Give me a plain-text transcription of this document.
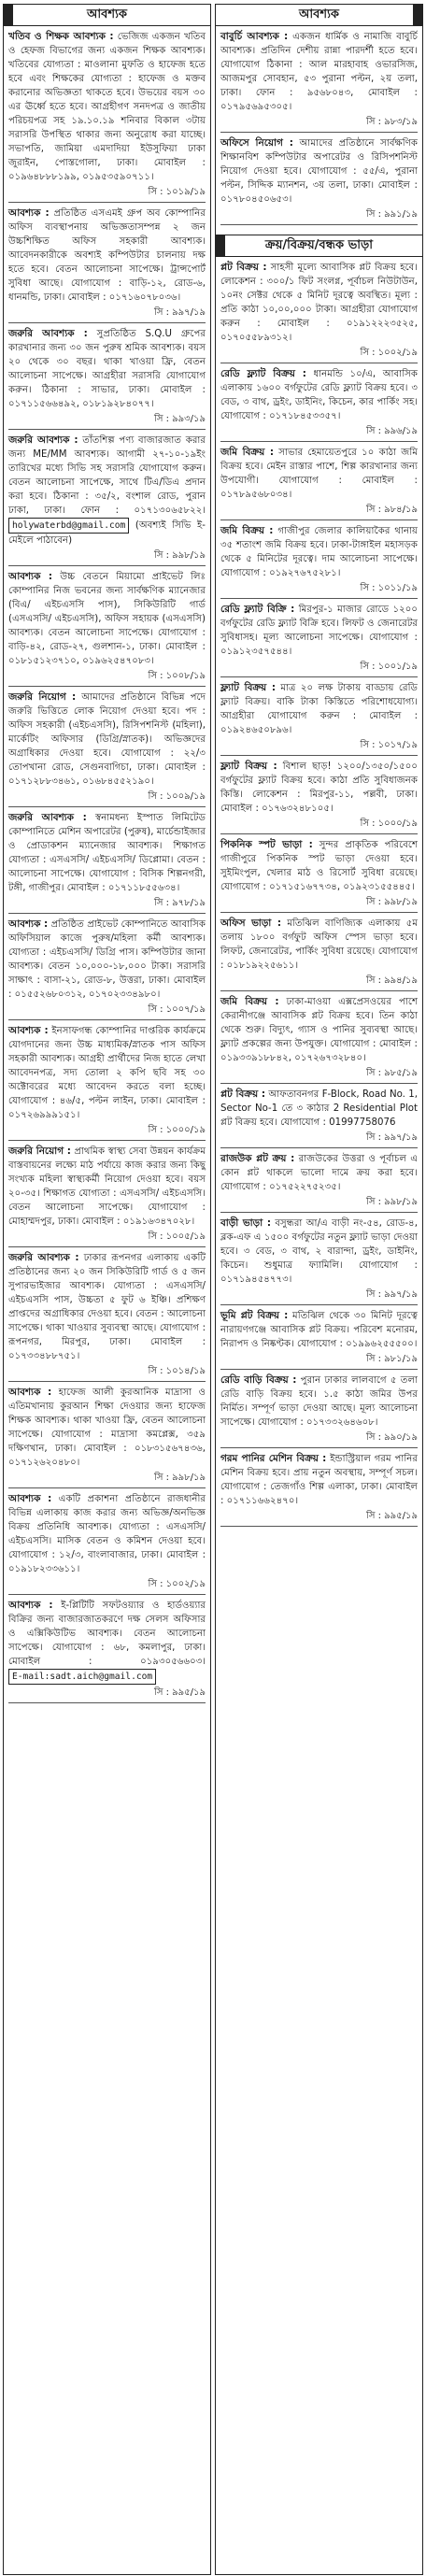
আবশ্যক
খতিব ও শিক্ষক আবশ্যক : ভেজিজ একজন খতিব ও হেফজ বিভাগের জন্য একজন শিক্ষক আবশ্যক। খতিবের যোগ্যতা : মাওলানা মুফতি ও হাফেজ হতে হবে এবং শিক্ষকের যোগ্যতা : হাফেজ ও মক্তব করানোর অভিজ্ঞতা থাকতে হবে। উভয়ের বয়স ৩০ এর ঊর্ধ্বে হতে হবে। আগ্রহীগণ সনদপত্র ও জাতীয় পরিচয়পত্র সহ ১৯.১০.১৯ শনিবার বিকাল ৩টায় সরাসরি উপস্থিত থাকার জন্য অনুরোধ করা যাচ্ছে। সভাপতি, জামিয়া এমদাদিয়া ইউসুফিয়া ঢাকা জুরাইন, পোস্তগোলা, ঢাকা। মোবাইল : ০১৯৬৪৮৮৮১৯৯, ০১৯৫৩৫৯০৭১১।
সি : ১০১৯/১৯
আবশ্যক : প্রতিষ্ঠিত এসএমই গ্রুপ অব কোম্পানির অফিস ব্যবস্থাপনায় অভিজ্ঞতাসম্পন্ন ২ জন উচ্চশিক্ষিত অফিস সহকারী আবশ্যক। আবেদনকারীকে অবশ্যই কম্পিউটার চালনায় দক্ষ হতে হবে। বেতন আলোচনা সাপেক্ষে। ট্রান্সপোর্ট সুবিধা আছে। যোগাযোগ : বাড়ি-১২, রোড-৬, ধানমন্ডি, ঢাকা। মোবাইল : ০১৭১৬০৭৮০৩৬।
সি : ৯৯৭/১৯
জরুরি আবশ্যক : সুপ্রতিষ্ঠিত S.Q.U গ্রুপের কারখানার জন্য ৩০ জন পুরুষ শ্রমিক আবশ্যক। বয়স ২০ থেকে ৩০ বছর। থাকা খাওয়া ফ্রি, বেতন আলোচনা সাপেক্ষে। আগ্রহীরা সরাসরি যোগাযোগ করুন। ঠিকানা : সাভার, ঢাকা। মোবাইল : ০১৭১১৫৬৬৪৯২, ০১৮১৯২৮৪০৭৭।
সি : ৯৯৩/১৯
জরুরি আবশ্যক : তাঁতশিল্প পণ্য বাজারজাত করার জন্য ME/MM আবশ্যক। আগামী ২৭-১০-১৯ইং তারিখের মধ্যে সিভি সহ সরাসরি যোগাযোগ করুন। বেতন আলোচনা সাপেক্ষে, সাথে টিএ/ডিএ প্রদান করা হবে। ঠিকানা : ৩৫/২, বংশাল রোড, পুরান ঢাকা, ঢাকা। ফোন : ০১৭১৩০৬৫৮২২। holywaterbd@gmail.com (অবশ্যই সিভি ই-মেইলে পাঠাবেন)
সি : ৯৯৮/১৯
আবশ্যক : উচ্চ বেতনে মিয়ামো প্রাইভেট লিঃ কোম্পানির নিজ ভবনের জন্য সার্বক্ষণিক ম্যানেজার (বিএ/ এইচএসসি পাস), সিকিউরিটি গার্ড (এসএসসি/ এইচএসসি), অফিস সহায়ক (এসএসসি) আবশ্যক। বেতন আলোচনা সাপেক্ষে। যোগাযোগ : বাড়ি-৪২, রোড-২৭, গুলশান-১, ঢাকা। মোবাইল : ০১৮১৫১২৩৭১০, ০১৯৬২৫৪৭০৮৩।
সি : ১০০৮/১৯
জরুরি নিয়োগ : আমাদের প্রতিষ্ঠানে বিভিন্ন পদে জরুরি ভিত্তিতে লোক নিয়োগ দেওয়া হবে। পদ : অফিস সহকারী (এইচএসসি), রিসিপশনিস্ট (মহিলা), মার্কেটিং অফিসার (ডিগ্রি/স্নাতক)। অভিজ্ঞদের অগ্রাধিকার দেওয়া হবে। যোগাযোগ : ২২/৩ তোপখানা রোড, সেগুনবাগিচা, ঢাকা। মোবাইল : ০১৭১২৮৮৩৪৬১, ০১৬৮৪৫৫২১৯০।
সি : ১০০৯/১৯
জরুরি আবশ্যক : স্বনামধন্য ইস্পাত লিমিটেড কোম্পানিতে মেশিন অপারেটর (পুরুষ), মার্চেন্ডাইজার ও প্রোডাকশন ম্যানেজার আবশ্যক। শিক্ষাগত যোগ্যতা : এসএসসি/ এইচএসসি/ ডিপ্লোমা। বেতন : আলোচনা সাপেক্ষে। যোগাযোগ : বিসিক শিল্পনগরী, টঙ্গী, গাজীপুর। মোবাইল : ০১৭১১৮৫৫৬৩৪।
সি : ৯৭৮/১৯
আবশ্যক : প্রতিষ্ঠিত প্রাইভেট কোম্পানিতে আবাসিক অফিসিয়াল কাজে পুরুষ/মহিলা কর্মী আবশ্যক। যোগ্যতা : এইচএসসি/ ডিগ্রি পাস। কম্পিউটার জানা আবশ্যক। বেতন ১০,০০০-১৮,০০০ টাকা। সরাসরি সাক্ষাৎ : বাসা-২১, রোড-৮, উত্তরা, ঢাকা। মোবাইল : ০১৫৫২৬৮০৩১২, ০১৭০২৩৩৪৯৮০।
সি : ১০০৭/১৯
আবশ্যক : ইনসাফগন্ধ কোম্পানির দাপ্তরিক কার্যক্রমে যোগদানের জন্য উচ্চ মাধ্যমিক/স্নাতক পাস অফিস সহকারী আবশ্যক। আগ্রহী প্রার্থীদের নিজ হাতে লেখা আবেদনপত্র, সদ্য তোলা ২ কপি ছবি সহ ৩০ অক্টোবরের মধ্যে আবেদন করতে বলা হচ্ছে। যোগাযোগ : ৪৬/৫, পল্টন লাইন, ঢাকা। মোবাইল : ০১৭২৬৯৯৯১৫১।
সি : ১০০০/১৯
জরুরি নিয়োগ : প্রাথমিক স্বাস্থ্য সেবা উন্নয়ন কার্যক্রম বাস্তবায়নের লক্ষ্যে মাঠ পর্যায়ে কাজ করার জন্য কিছু সংখ্যক মহিলা স্বাস্থ্যকর্মী নিয়োগ দেওয়া হবে। বয়স ২০-৩৫। শিক্ষাগত যোগ্যতা : এসএসসি/ এইচএসসি। বেতন আলোচনা সাপেক্ষে। যোগাযোগ : মোহাম্মদপুর, ঢাকা। মোবাইল : ০১৯১৬৩৪৭০২৮।
সি : ১০০৫/১৯
জরুরি আবশ্যক : ঢাকার রূপনগর এলাকায় একটি প্রতিষ্ঠানের জন্য ২০ জন সিকিউরিটি গার্ড ও ৫ জন সুপারভাইজার আবশ্যক। যোগ্যতা : এসএসসি/ এইচএসসি পাস, উচ্চতা ৫ ফুট ৬ ইঞ্চি। প্রশিক্ষণ প্রাপ্তদের অগ্রাধিকার দেওয়া হবে। বেতন : আলোচনা সাপেক্ষে। থাকা খাওয়ার সুব্যবস্থা আছে। যোগাযোগ : রূপনগর, মিরপুর, ঢাকা। মোবাইল : ০১৭৩৩৪৮৮৭৫১।
সি : ১০১৪/১৯
আবশ্যক : হাফেজ আলী কুরআনিক মাদ্রাসা ও এতিমখানায় কুরআন শিক্ষা দেওয়ার জন্য হাফেজ শিক্ষক আবশ্যক। থাকা খাওয়া ফ্রি, বেতন আলোচনা সাপেক্ষে। যোগাযোগ : মাদ্রাসা কমপ্লেক্স, ৩৫৯ দক্ষিণখান, ঢাকা। মোবাইল : ০১৮৩১৫৬৭৪৩৬, ০১৭১২৬২০৪৮০।
সি : ৯৯৮/১৯
আবশ্যক : একটি প্রকাশনা প্রতিষ্ঠানে রাজধানীর বিভিন্ন এলাকায় কাজ করার জন্য অভিজ্ঞ/অনভিজ্ঞ বিক্রয় প্রতিনিধি আবশ্যক। যোগ্যতা : এসএসসি/ এইচএসসি। মাসিক বেতন ও কমিশন দেওয়া হবে। যোগাযোগ : ১২/৩, বাংলাবাজার, ঢাকা। মোবাইল : ০১৯১৮২৩৩৬১১।
সি : ১০০২/১৯
আবশ্যক : ই-প্লিটিটি সফটওয়্যার ও হার্ডওয়্যার বিক্রির জন্য বাজারজাতকরণে দক্ষ সেলস অফিসার ও এক্সিকিউটিভ আবশ্যক। বেতন আলোচনা সাপেক্ষে। যোগাযোগ : ৬৮, কমলাপুর, ঢাকা। মোবাইল : ০১৯৩০৫৬৬০৩। E-mail:sadt.aich@gmail.com
সি : ৯৯৫/১৯
আবশ্যক
বাবুর্চি আবশ্যক : একজন ধার্মিক ও নামাজি বাবুর্চি আবশ্যক। প্রতিদিন দেশীয় রান্না পারদর্শী হতে হবে। যোগাযোগ ঠিকানা : আল মারহাবাহ ওভারসিজ, আজমপুর সোবহান, ৫৩ পুরানা পল্টন, ২য় তলা, ঢাকা। ফোন : ৯৫৬৮০৪৩, মোবাইল : ০১৭৯৫৬৯৫৩০৫।
সি : ৯৮৩/১৯
অফিসে নিয়োগ : আমাদের প্রতিষ্ঠানে সার্বক্ষণিক শিক্ষানবিশ কম্পিউটার অপারেটর ও রিসিপশনিস্ট নিয়োগ দেওয়া হবে। যোগাযোগ : ৫৫/এ, পুরানা পল্টন, সিদ্দিক ম্যানশন, ৩য় তলা, ঢাকা। মোবাইল : ০১৭৮০৪৫০৬৫৩।
সি : ৯৯১/১৯
ক্রয়/বিক্রয়/বন্ধক ভাড়া
প্লট বিক্রয় : সাহসী মূল্যে আবাসিক প্লট বিক্রয় হবে। লোকেশন : ৩০০/১ ফিট সংলগ্ন, পূর্বাচল নিউটাউন, ১০নং সেক্টর থেকে ৫ মিনিট দূরত্বে অবস্থিত। মূল্য : প্রতি কাঠা ১০,০০,০০০ টাকা। আগ্রহীরা যোগাযোগ করুন : মোবাইল : ০১৯১২২২৩৫২৫, ০১৭০৫৫৮৯৩১২।
সি : ১০০২/১৯
রেডি ফ্ল্যাট বিক্রয় : ধানমন্ডি ১০/এ, আবাসিক এলাকায় ১৬০০ বর্গফুটের রেডি ফ্ল্যাট বিক্রয় হবে। ৩ বেড, ৩ বাথ, ড্রইং, ডাইনিং, কিচেন, কার পার্কিং সহ। যোগাযোগ : ০১৭১৮৪৫৩৩৫৭।
সি : ৯৯৬/১৯
জমি বিক্রয় : সাভার হেমায়েতপুরে ১০ কাঠা জমি বিক্রয় হবে। মেইন রাস্তার পাশে, শিল্প কারখানার জন্য উপযোগী। যোগাযোগ : মোবাইল : ০১৭৮৯৫৬৮০৩৪।
সি : ৯৮৪/১৯
জমি বিক্রয় : গাজীপুর জেলার কালিয়াকৈর থানায় ৩৫ শতাংশ জমি বিক্রয় হবে। ঢাকা-টাঙ্গাইল মহাসড়ক থেকে ৫ মিনিটের দূরত্বে। দাম আলোচনা সাপেক্ষে। যোগাযোগ : ০১৯২৭৬৭৫২৮১।
সি : ১০১১/১৯
রেডি ফ্ল্যাট বিক্রি : মিরপুর-১ মাজার রোডে ১২০০ বর্গফুটের রেডি ফ্ল্যাট বিক্রি হবে। লিফট ও জেনারেটর সুবিধাসহ। মূল্য আলোচনা সাপেক্ষে। যোগাযোগ : ০১৯১২৩৫৭৫৪৪।
সি : ১০০১/১৯
ফ্ল্যাট বিক্রয় : মাত্র ২০ লক্ষ টাকায় বাড্ডায় রেডি ফ্ল্যাট বিক্রয়। বাকি টাকা কিস্তিতে পরিশোধযোগ্য। আগ্রহীরা যোগাযোগ করুন : মোবাইল : ০১৯২৪৬৫০৮৯৬।
সি : ১০১৭/১৯
ফ্ল্যাট বিক্রয় : বিশাল ছাড়! ১২০০/১৩৫০/১৫০০ বর্গফুটের ফ্ল্যাট বিক্রয় হবে। কাঠা প্রতি সুবিধাজনক কিস্তি। লোকেশন : মিরপুর-১১, পল্লবী, ঢাকা। মোবাইল : ০১৭৬৩২৪৮১০৫।
সি : ১০০০/১৯
পিকনিক স্পট ভাড়া : সুন্দর প্রাকৃতিক পরিবেশে গাজীপুরে পিকনিক স্পট ভাড়া দেওয়া হবে। সুইমিংপুল, খেলার মাঠ ও রিসোর্ট সুবিধা রয়েছে। যোগাযোগ : ০১৭১৫১৬৭৭৩৪, ০১৯২৩১৫৫৪৪৫।
সি : ৯৯৮/১৯
অফিস ভাড়া : মতিঝিল বাণিজ্যিক এলাকায় ৫ম তলায় ১৮০০ বর্গফুট অফিস স্পেস ভাড়া হবে। লিফট, জেনারেটর, পার্কিং সুবিধা রয়েছে। যোগাযোগ : ০১৮১৯২২৫৬১১।
সি : ৯৯৪/১৯
জমি বিক্রয় : ঢাকা-মাওয়া এক্সপ্রেসওয়ের পাশে কেরানীগঞ্জে আবাসিক প্লট বিক্রয় হবে। তিন কাঠা থেকে শুরু। বিদ্যুৎ, গ্যাস ও পানির সুব্যবস্থা আছে। ফ্ল্যাট প্রকল্পের জন্য উপযুক্ত। যোগাযোগ : মোবাইল : ০১৯৩৩৯১৮৮৪২, ০১৭২৬৭৩২৮৪০।
সি : ৯৮৫/১৯
প্লট বিক্রয় : আফতাবনগর F-Block, Road No. 1, Sector No-1 তে ৩ কাঠার 2 Residential Plot প্লট বিক্রয় হবে। যোগাযোগ : 01997758076
সি : ৯৯৭/১৯
রাজউক প্লট ক্রয় : রাজউকের উত্তরা ও পূর্বাচল এ কোন প্লট থাকলে ভালো দামে ক্রয় করা হবে। যোগাযোগ : ০১৭৫২২৭৫২৩৫।
সি : ৯৯৮/১৯
বাড়ী ভাড়া : বসুন্ধরা আ/এ বাড়ী নং-৫৪, রোড-৪, ব্লক-এফ এ ১৫০০ বর্গফুটের নতুন ফ্ল্যাট ভাড়া দেওয়া হবে। ৩ বেড, ৩ বাথ, ২ বারান্দা, ড্রইং, ডাইনিং, কিচেন। শুধুমাত্র ফ্যামিলি। যোগাযোগ : ০১৭১৯৪৫৪৭৭৩।
সি : ৯৯৭/১৯
ভূমি প্লট বিক্রয় : মতিঝিল থেকে ৩০ মিনিট দূরত্বে নারায়ণগঞ্জে আবাসিক প্লট বিক্রয়। পরিবেশ মনোরম, নিরাপদ ও নিষ্কণ্টক। যোগাযোগ : ০১৯৯৬২৫৫৫০০।
সি : ৯৮১/১৯
রেডি বাড়ি বিক্রয় : পুরান ঢাকার লালবাগে ৫ তলা রেডি বাড়ি বিক্রয় হবে। ১.৫ কাঠা জমির উপর নির্মিত। সম্পূর্ণ ভাড়া দেওয়া আছে। মূল্য আলোচনা সাপেক্ষে। যোগাযোগ : ০১৭৩৩২৬৪৬০৮।
সি : ৯৯০/১৯
গরম পানির মেশিন বিক্রয় : ইন্ডাস্ট্রিয়াল গরম পানির মেশিন বিক্রয় হবে। প্রায় নতুন অবস্থায়, সম্পূর্ণ সচল। যোগাযোগ : তেজগাঁও শিল্প এলাকা, ঢাকা। মোবাইল : ০১৭১১৬৬২৪৭০।
সি : ৯৯৫/১৯
